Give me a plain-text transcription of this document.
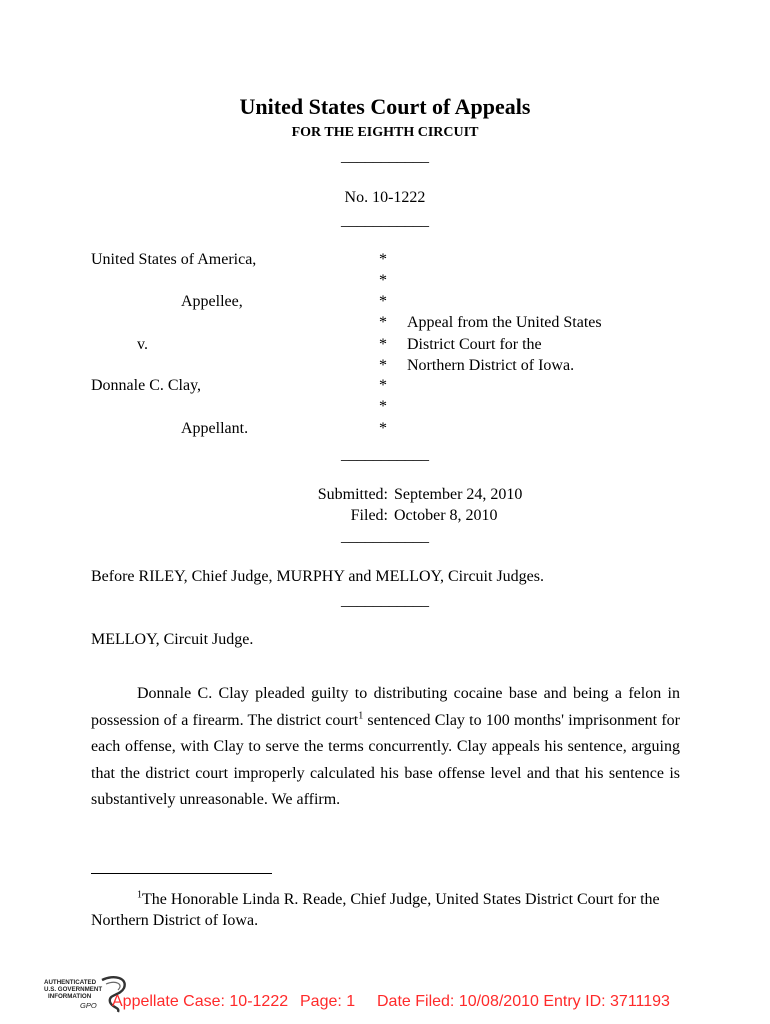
United States Court of Appeals
FOR THE EIGHTH CIRCUIT
___________
No. 10-1222
___________
United States of America,
Appellee,
v.
Donnale C. Clay,
Appellant.
*
*
*
*
*
*
*
*
*
Appeal from the United States
District Court for the
Northern District of Iowa.
___________
Submitted: September 24, 2010
Filed: October 8, 2010
___________
Before RILEY, Chief Judge, MURPHY and MELLOY, Circuit Judges.
___________
MELLOY, Circuit Judge.
Donnale C. Clay pleaded guilty to distributing cocaine base and being a felon in possession of a firearm. The district court$^1$ sentenced Clay to 100 months' imprisonment for each offense, with Clay to serve the terms concurrently. Clay appeals his sentence, arguing that the district court improperly calculated his base offense level and that his sentence is substantively unreasonable. We affirm.
$^1$The Honorable Linda R. Reade, Chief Judge, United States District Court for the Northern District of Iowa.
AUTHENTICATED
U.S. GOVERNMENT
INFORMATION
GPO Appellate Case: 10-1222 Page: 1 Date Filed: 10/08/2010 Entry ID: 3711193
